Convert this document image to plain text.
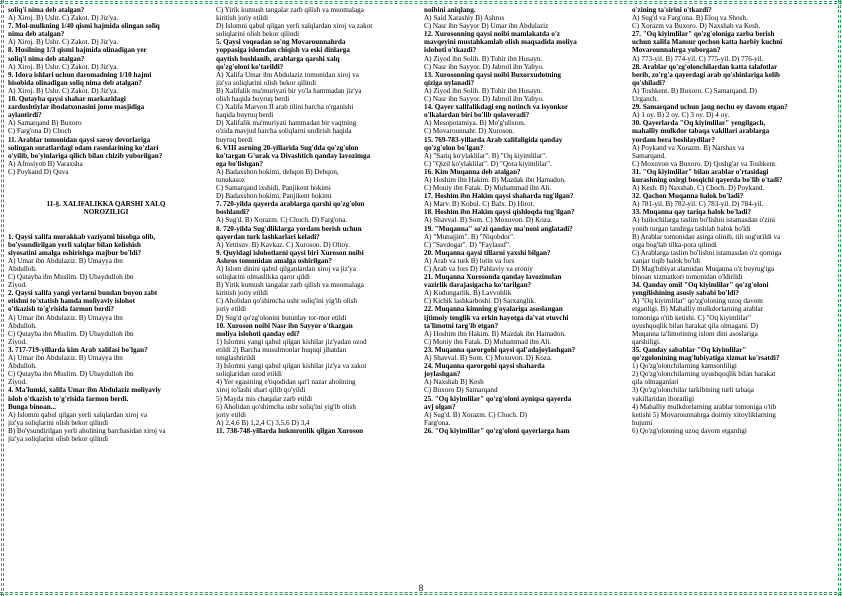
soliq'i nima deb atalgan?
A) Xiroj. B) Ushr. C) Zakot. D) Jiz'ya.
7. Mol-mulkning 1/40 qismi hajmida olingan soliq
nima deb atalgan?
A) Xiroj. B) Ushr. C) Zakot. D) Jiz'ya.
8. Hosilning 1/3 qismi hajmida olinadigan yer
soliq'i nima deb atalgan?
A) Xiroj. B) Ushr. C) Zakot. D) Jiz'ya.
9. Idora ishlari uchun daromadning 1/10 hajmi
hisobida olinadigan soliq nima deb atalgan?
A) Xiroj. B) Ushr. C) Zakot. D) Jiz'ya.
10. Qutayba qaysi shahar markazidagi
zardushtiylar ibodatxonasini jome masjidiga
aylantirdi?
A) Samarqand B) Buxoro
C) Farg'ona D) Choch
11. Arablar tomonidan qaysi saroy devorlariga
solingan suratlardagi odam rasmlarining ko'zlari
o'yilib, bo'yinlariga qilich bilan chizib yuborilgan?
A) Afrosiyob B) Varaxsha
C) Poykand D) Quva
11-§. XALIFALIKKA QARSHI XALQ
NOROZILIGI
1. Qaysi xalifa murakkab vaziyatni hisobga olib,
bo'ysundirilgan yerli xalqlar bilan kelishish
siyosatini amalga oshirishga majbur bo'ldi?
A) Umar ibn Abdulaziz. B) Umayya ibn
Abdulloh.
C) Qutayba ibn Muslim. D) Ubaydulloh ibn
Ziyod.
2. Qaysi xalifa yangi yerlarni bundan buyon zabt
etishni to'xtatish hamda moliyaviy islohot
o'tkazish to'g'risida farmon berdi?
A) Umar ibn Abdulaziz. B) Umayya ibn
Abdulloh.
C) Qutayba ibn Muslim. D) Ubaydulloh ibn
Ziyod.
3. 717-719-yillarda kim Arab xalifasi bo'lgan?
A) Umar ibn Abdulaziz. B) Umayya ibn
Abdulloh.
C) Qutayba ibn Muslim. D) Ubaydulloh ibn
Ziyod.
4. Ma'lumki, xalifa Umar ibn Abdulaziz moliyaviy
isloh o'tkazish to'g'risida farmon berdi.
Bunga binoan...
A) Islomni qabul qilgan yerli xalqlardan xiroj va
jiz'ya soliqlarini olish bekor qilindi
B) Bo'ysundirilgan yerli aholining barchasidan xiroj va
jiz'ya soliqlarini olish bekor qilindi
C) Yirik kumush tangalar zarb qilish va muomalaga
kiritish joriy etildi
D) Islomni qabul qilgan yerli xalqlardan xiroj va zakot
soliqlarini olish bekor qilindi
5. Qaysi voqeadan so'ng Movarounnahrda
yoppasiga islomdan chiqish va eski dinlarga
qaytish boshlanib, arablarga qarshi xalq
qo'zg'oloni ko'tarildi?
A) Xalifa Umar ibn Abdulaziz tomonidan xiroj va
jiz'ya soliqlarini olish bekor qilindi
B) Xalifalik ma'muriyati bir yo'la hammadan jiz'ya
olish haqida buyruq berdi
C) Xalifa Marvon II arab tilini barcha o'rganishi
haqida buyruq berdi
D) Xalifalik ma'muriyati hammadan bir vaqtning
o'zida mavjud barcha soliqlarni undirish haqida
buyruq berdi
6. VIII asrning 20-yillarida Sug'dda qo'zg'olon
ko'targan G'urak va Divashtich qanday lavozimga
ega bo'lishgan?
A) Badaxshon hokimi, dehqon B) Dehqon,
tunukasoz
C) Samarqand ixshidi, Panjikent hokimi
D) Badaxshon hokimi, Panjikent hokimi
7. 720-yilda qayerda arablarga qarshi qo'zg'olon
boshlandi?
A) Sug'd. B) Xorazm. C) Choch. D) Farg'ona.
8. 720-yilda Sug'dliklarga yordam berish uchun
qayerdan turk lashkarlari keladi?
A) Yettisuv. B) Kavkaz. C) Xuroson. D) Oltoy.
9. Quyidagi islohotlarni qaysi biri Xuroson noibi
Ashros tomonidan amalga oshirilgan?
A) Islom dinini qabul qilganlardan xiroj va jiz'ya
soliqlarini olmaslikka qaror qildi
B) Yirik kumush tangalar zarb qilish va muomalaga
kiritish joriy etildi
C) Aholidan qo'shimcha ushr soliq'ini yig'ib olish
joriy etildi
D) Sug'd qo'zg'olonini butunlay tor-mor etildi
10. Xuroson noibi Nasr ibn Sayyor o'tkazgan
moliya islohoti qanday edi?
1) Islomni yangi qabul qilgan kishilar jiz'yadan ozod
etildi 2) Barcha musulmonlar huquqi jihatdan
tenglashtirildi
3) Islomni yangi qabul qilgan kishilar jiz'ya va zakot
soliqlaridan ozod etildi
4) Yer egasining e'tiqodidan qat'i nazar aholining
xiroj to'lashi shart qilib qo'yildi
5) Mayda mis chaqalar zarb etildi
6) Aholidan qo'shimcha ushr soliq'ini yig'ib olish
joriy etildi
A) 2,4,6 B) 1,2,4 C) 3,5,6 D) 3,4
11. 738-748-yillarda hukmronlik qilgan Xuroson
noibini aniqlang.
A) Said Xarashiy B) Ashros
C) Nasr ibn Sayyor D) Umar ibn Abdulaziz
12. Xurosonning qaysi noibi mamlakatda o'z
mavqeyini mustahkamlab olish maqsadida moliya
islohoti o'tkazdi?
A) Ziyod ibn Solih. B) Tohir ibn Husayn.
C) Nasr ibn Sayyor. D) Jabroil ibn Yahyo.
13. Xurosonning qaysi noibi Buxorxudotning
qiziga uylanadi?
A) Ziyod ibn Solih. B) Tohir ibn Husayn.
C) Nasr ibn Sayyor. D) Jabroil ibn Yahyo.
14. Qayer xalifalikdagi eng notinch va isyonkor
o'lkalardan biri bo'lib qolaveradi?
A) Mesopotamiya. B) Mo'g'uliston.
C) Movarounnahr. D) Xuroson.
15. 769-783-yillarda Arab xalifaligida qanday
qo'zg'olon bo'lgan?
A) "Sariq ko'ylaklilar". B) "Oq kiyimlilar".
C) "Qizil ko'ylaklilar". D) "Qora kiyimlilar".
16. Kim Muqanna deb atalgan?
A) Hoshim ibn Hakim. B) Mazdak ibn Hamadon.
C) Moniy ibn Fatak. D) Muhammad ibn Ali.
17. Hoshim ibn Hakim qaysi shaharda tug'ilgan?
A) Marv. B) Kobul. C) Balx. D) Hirot.
18. Hoshim ibn Hakim qaysi qishloqda tug'ilgan?
A) Shavval. B) Som. C) Moxuvon. D) Koza.
19. "Muqanna" so'zi qanday ma'noni anglatadi?
A) "Munajjim". B) "Niqobdor".
C) "Savdogar". D) "Faylasuf".
20. Muqanna qaysi tillarni yaxshi bilgan?
A) Arab va turk B) lotin va fors
C) Arab va fors D) Pahlaviy va eroniy
21. Muqanna Xurosonda qanday lavozimdan
vazirlik darajasigacha ko'tarilgan?
A) Kudungarlik. B) Lavvohlik
C) Kichik lashkarboshi. D) Sarxanglik.
22. Muqanna kimning g'oyalariga asoslangan
ijtimoiy tenglik va erkin hayotga da'vat etuvchi
ta'limotni targ'ib etgan?
A) Hoshim ibn Hakim. B) Mazdak ibn Hamadon.
C) Moniy ibn Fatak. D) Muhammad ibn Ali.
23. Muqanna qarorgohi qaysi qal'adajoylashgan?
A) Shavval. B) Som. C) Moxuvon. D) Koza.
24. Muqanna qarorgohi qaysi shaharda
joylashgan?
A) Naxshab B) Kesh
C) Buxoro D) Samarqand
25. "Oq kiyimlilar" qo'zg'oloni ayniqsa qayerda
avj olgan?
A) Sug'd. B) Xorazm. C) Choch. D)
Farg'ona.
26. "Oq kiyimlilar" qo'zg'oloni qayerlarga ham
o'zining ta'sirini o'tkazdi?
A) Sug'd va Farg'ona. B) Eloq va Shosh.
C) Xorazm va Buxoro. D) Naxshab va Kesh.
27. "Oq kiyimlilar" qo'zg'oloniga zarba berish
uchun xalifa Mansur qochon katta harbiy kuchni
Movarounnahrga yuborgan?
A) 773-yil. B) 774-yil. C) 775-yil. D) 776-yil.
28. Arablar qo'zg'olonchilardan katta talafotlar
berib, zo'rg'a qayerdagi arab qo'shinlariga kelib
qo'shiladi?
A) Toshkent. B) Buxoro. C) Samarqand. D)
Urganch.
29. Samarqand uchun jang nechu oy davom etgan?
A) 1 oy. B) 2 oy. C) 3 oy. D) 4 oy.
30. Qayerlarda "Oq kiyimlilar" yengilgach,
mahalliy mulkdor tabaqa vakillari arablarga
yordam bera boshlaydilar?
A) Poykand va Xorazm. B) Narshax va
Samarqand.
C) Moxuvon va Buxoro. D) Qoshg'ar va Toshkent.
31. "Oq kiyimlilar" bilan arablar o'rtasidagi
kurashning oxirgi bosqichi qayerda bo'lib o'tadi?
A) Kesh. B) Naxshab. C) Choch. D) Poykand.
32. Qachon Muqanna halok bo'ladi?
A) 781-yil. B) 782-yil. C) 783-yil. D) 784-yil.
33. Muqanna qay tariqa halok bo'ladi?
A) Istilochilarga taslim bo'lishni istamasdan o'zini
yonib turgan tandirga tashlab halok bo'ldi
B) Arablar tomonidan asirga olinib, tili sug'urildi va
otga bog'lab tilka-pora qilindi
C) Arablarga taslim bo'lishni istamasdan o'z qorniga
xanjar tiqib halok bo'ldi
D) Mag'lubiyat alamidan Muqanna o'z buyrug'iga
binoan xizmatkori tomonidan o'ldirildi
34. Qanday omil "Oq kiyimlilar" qo'zg'oloni
yengilishining asosiy sababi bo'ldi?
A) "Oq kiyimlilar" qo'zg'oloning uzoq davom
etganligi. B) Mahalliy mulkdorlarning arablar
tomoniga o'tib ketishi. C) "Oq kiyimlilar"
uyushqoqlik bilan harakat qila olmagani. D)
Muqanna ta'limotining islom dini asoslariga
qarshiligi.
35. Qanday sabablar "Oq kiyimlilar"
qo'zgolonining mag'lubiyatiga xizmat ko'rsatdi?
1) Qo'zg'olonchilarning kamsonliligi
2) Qo'zg'olonchilarning uyushqoqlik bilan harakat
qila olmaganlari
3) Qo'zg'olonchilar tarkibining turli tabaqa
vakillaridan iboratligi
4) Mahalliy mulkdorlarning arablar tomoniga o'tib
ketishi 5) Movarounnahrga doimiy xitoyliklarning
hujumi
6) Qo'zg'olonning uzoq davom etganligi
8
